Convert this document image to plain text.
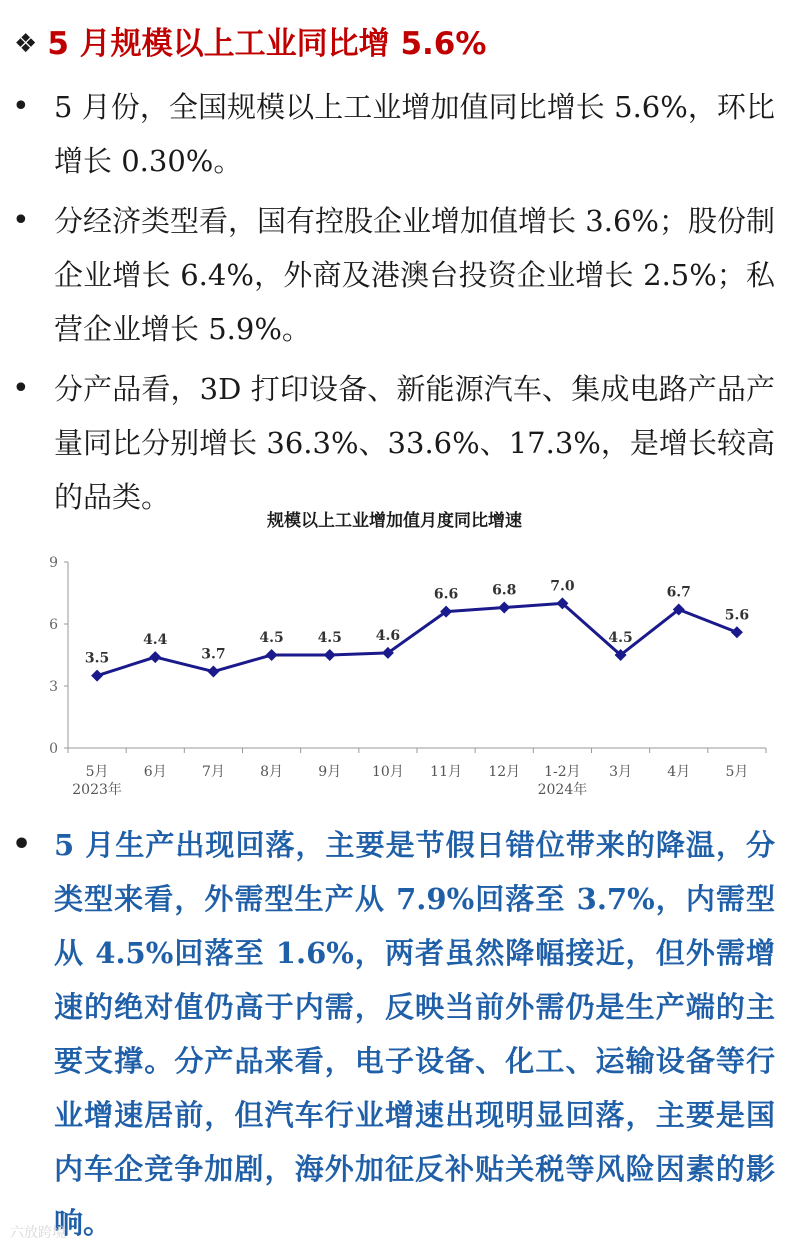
❖ 5 月规模以上工业同比增 5.6%
• 5 月份，全国规模以上工业增加值同比增长 5.6%，环比增长 0.30%。
• 分经济类型看，国有控股企业增加值增长 3.6%；股份制企业增长 6.4%，外商及港澳台投资企业增长 2.5%；私营企业增长 5.9%。
• 分产品看，3D 打印设备、新能源汽车、集成电路产品产量同比分别增长 36.3%、33.6%、17.3%，是增长较高的品类。
规模以上工业增加值月度同比增速
0
3
6
9
5月	6月	7月	8月	9月 10月 11月 12月 1-2月 3月	4月	5月
2023年	2024年
3.5
4.4
3.7
4.5 4.5 4.6
6.6 6.8 7.0
4.5
6.7
5.6
• 5 月生产出现回落，主要是节假日错位带来的降温，分类型来看，外需型生产从 7.9%回落至 3.7%，内需型从 4.5%回落至 1.6%，两者虽然降幅接近，但外需增速的绝对值仍高于内需，反映当前外需仍是生产端的主要支撑。分产品来看，电子设备、化工、运输设备等行业增速居前，但汽车行业增速出现明显回落，主要是国内车企竞争加剧，海外加征反补贴关税等风险因素的影响。
六放跨境
